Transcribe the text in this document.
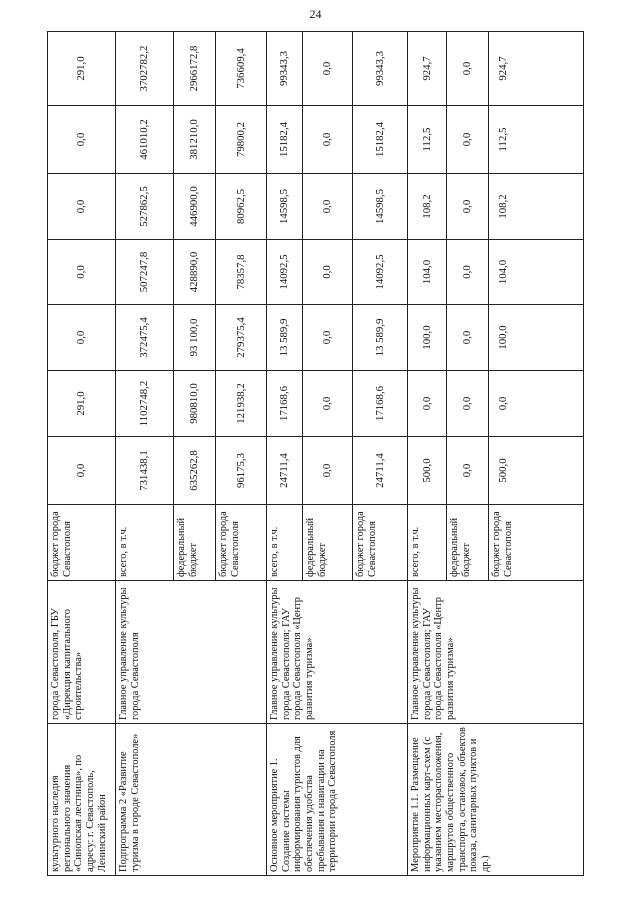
24
культурного наследия регионального значения «Синопская лестница», по адресу: г. Севастополь, Ленинский район	города Севастополя, ГБУ «Дирекция капитального строительства»	бюджет города Севастополя	0,0	291,0	0,0	0,0	0,0	0,0	291,0
Подпрограмма 2 «Развитие туризма в городе Севастополе»	Главное управление культуры города Севастополя	всего, в т.ч.	731438,1	1102748,2	372475,4	507247,8	527862,5	461010,2	3702782,2
		федеральный бюджет	635262,8	980810,0	93 100,0	428890,0	446900,0	381210,0	2966172,8
		бюджет города Севастополя	96175,3	121938,2	279375,4	78357,8	80962,5	79800,2	736609,4
Основное мероприятие 1. Создание системы информирования туристов для обеспечения удобства пребывания и навигации на территории города Севастополя	Главное управление культуры города Севастополя; ГАУ города Севастополя «Центр развития туризма»	всего, в т.ч.	24711,4	17168,6	13 589,9	14092,5	14598,5	15182,4	99343,3
		федеральный бюджет	0,0	0,0	0,0	0,0	0,0	0,0	0,0
		бюджет города Севастополя	24711,4	17168,6	13 589,9	14092,5	14598,5	15182,4	99343,3
Мероприятие 1.1. Размещение информационных карт-схем (с указанием месторасположения, маршрутов общественного транспорта, остановок, объектов показа, санитарных пунктов и др.)	Главное управление культуры города Севастополя; ГАУ города Севастополя «Центр развития туризма»	всего, в т.ч.	500,0	0,0	100,0	104,0	108,2	112,5	924,7
		федеральный бюджет	0,0	0,0	0,0	0,0	0,0	0,0	0,0
		бюджет города Севастополя	500,0	0,0	100,0	104,0	108,2	112,5	924,7
